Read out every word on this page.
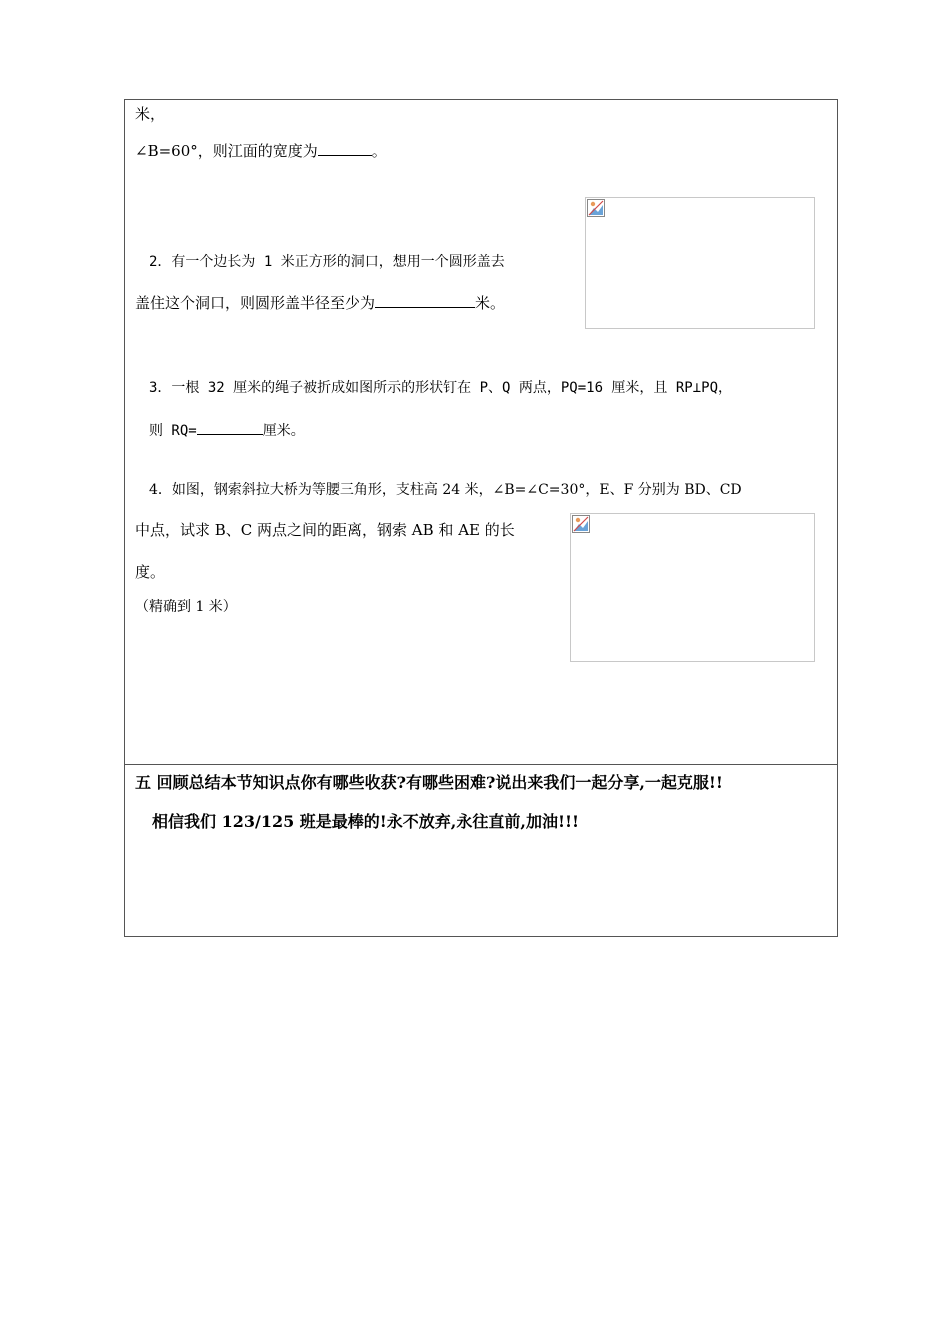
米，
∠B=60°，则江面的宽度为	。
2．有一个边长为 1 米正方形的洞口，想用一个圆形盖去
盖住这个洞口，则圆形盖半径至少为	米。
3．一根 32 厘米的绳子被折成如图所示的形状钉在 P、Q 两点，PQ=16 厘米，且 RP⊥PQ，
则 RQ=	厘米。
4．如图，钢索斜拉大桥为等腰三角形，支柱高 24 米，∠B=∠C=30°，E、F 分别为 BD、CD
中点，试求 B、C 两点之间的距离，钢索 AB 和 AE 的长
度。
（精确到 1 米）
五 回顾总结本节知识点你有哪些收获?有哪些困难?说出来我们一起分享,一起克服!!
相信我们 123/125 班是最棒的!永不放弃,永往直前,加油!!!
